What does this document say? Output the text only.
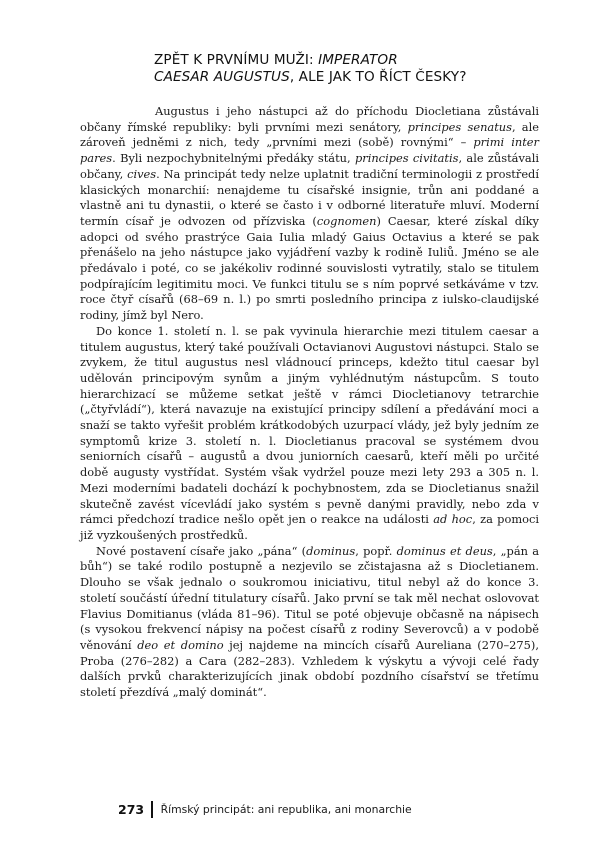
ZPĚT K PRVNÍMU MUŽI: IMPERATOR
CAESAR AUGUSTUS, ALE JAK TO ŘÍCT ČESKY?

Augustus i jeho nástupci až do příchodu Diocletiana zůstávali občany římské republiky: byli prvními mezi senátory, principes senatus, ale zároveň jedněmi z nich, tedy „prvními mezi (sobě) rovnými“ – primi inter pares. Byli nezpochybnitelnými předáky státu, principes civitatis, ale zůstávali občany, cives. Na principát tedy nelze uplatnit tradiční terminologii z prostředí klasických monarchií: nenajdeme tu císařské insignie, trůn ani poddané a vlastně ani tu dynastii, o které se často i v odborné literatuře mluví. Moderní termín císař je odvozen od přízviska (cognomen) Caesar, které získal díky adopci od svého prastrýce Gaia Iulia mladý Gaius Octavius a které se pak přenášelo na jeho nástupce jako vyjádření vazby k rodině Iuliů. Jméno se ale předávalo i poté, co se jakékoliv rodinné souvislosti vytratily, stalo se titulem podpírajícím legitimitu moci. Ve funkci titulu se s ním poprvé setkáváme v tzv. roce čtyř císařů (68–69 n. l.) po smrti posledního principa z iulsko-claudijské rodiny, jímž byl Nero.

Do konce 1. století n. l. se pak vyvinula hierarchie mezi titulem caesar a titulem augustus, který také používali Octavianovi Augustovi nástupci. Stalo se zvykem, že titul augustus nesl vládnoucí princeps, kdežto titul caesar byl udělován principovým synům a jiným vyhlédnutým nástupcům. S touto hierarchizací se můžeme setkat ještě v rámci Diocletianovy tetrarchie („čtyřvládí“), která navazuje na existující principy sdílení a předávání moci a snaží se takto vyřešit problém krátkodobých uzurpací vlády, jež byly jedním ze symptomů krize 3. století n. l. Diocletianus pracoval se systémem dvou seniorních císařů – augustů a dvou juniorních caesarů, kteří měli po určité době augusty vystřídat. Systém však vydržel pouze mezi lety 293 a 305 n. l. Mezi moderními badateli dochází k pochybnostem, zda se Diocletianus snažil skutečně zavést vícevládí jako systém s pevně danými pravidly, nebo zda v rámci předchozí tradice nešlo opět jen o reakce na události ad hoc, za pomoci již vyzkoušených prostředků.

Nové postavení císaře jako „pána“ (dominus, popř. dominus et deus, „pán a bůh“) se také rodilo postupně a nezjevilo se zčistajasna až s Diocletianem. Dlouho se však jednalo o soukromou iniciativu, titul nebyl až do konce 3. století součástí úřední titulatury císařů. Jako první se tak měl nechat oslovovat Flavius Domitianus (vláda 81–96). Titul se poté objevuje občasně na nápisech (s vysokou frekvencí nápisy na počest císařů z rodiny Severovců) a v podobě věnování deo et domino jej najdeme na mincích císařů Aureliana (270–275), Proba (276–282) a Cara (282–283). Vzhledem k výskytu a vývoji celé řady dalších prvků charakterizujících jinak období pozdního císařství se třetímu století přezdívá „malý dominát“.

273 Římský principát: ani republika, ani monarchie
